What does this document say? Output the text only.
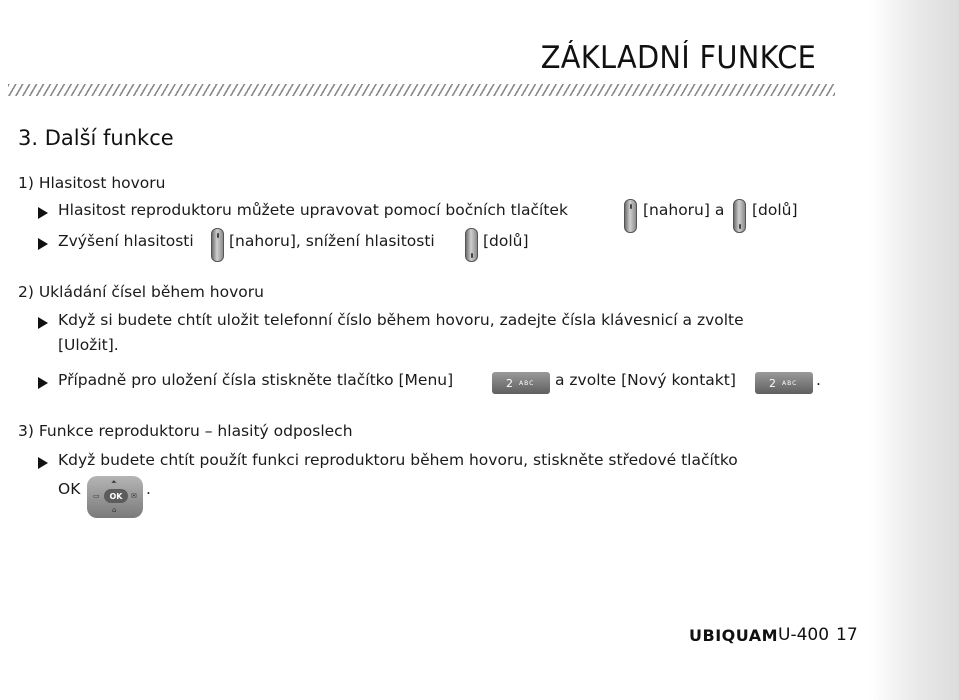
ZÁKLADNÍ FUNKCE
3. Další funkce
1) Hlasitost hovoru
Hlasitost reproduktoru můžete upravovat pomocí bočních tlačítek	[nahoru] a [dolů]
Zvýšení hlasitosti [nahoru], snížení hlasitosti	[dolů]
2) Ukládání čísel během hovoru
Když si budete chtít uložit telefonní číslo během hovoru, zadejte čísla klávesnicí a zvolte
[Uložit].
Případně pro uložení čísla stiskněte tlačítko [Menu]	2 ABC a zvolte [Nový kontakt]	2 ABC .
3) Funkce reproduktoru – hlasitý odposlech
Když budete chtít použít funkci reproduktoru během hovoru, stiskněte středové tlačítko
OK	⏶
▭	OK	✉
⌂
.
UBIQUAM U-400 17
